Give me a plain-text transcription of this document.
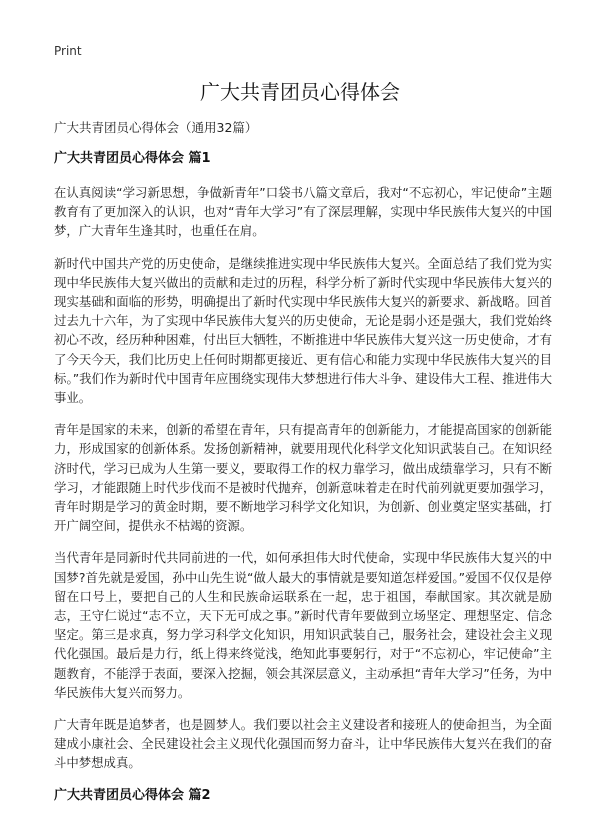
Print
广大共青团员心得体会
广大共青团员心得体会（通用32篇）
广大共青团员心得体会 篇1

在认真阅读“学习新思想，争做新青年”口袋书八篇文章后，我对“不忘初心，牢记使命”主题教育有了更加深入的认识，也对“青年大学习”有了深层理解，实现中华民族伟大复兴的中国梦，广大青年生逢其时，也重任在肩。

新时代中国共产党的历史使命，是继续推进实现中华民族伟大复兴。全面总结了我们党为实现中华民族伟大复兴做出的贡献和走过的历程，科学分析了新时代实现中华民族伟大复兴的现实基础和面临的形势，明确提出了新时代实现中华民族伟大复兴的新要求、新战略。回首过去九十六年，为了实现中华民族伟大复兴的历史使命，无论是弱小还是强大，我们党始终初心不改，经历种种困难，付出巨大牺牲，不断推进中华民族伟大复兴这一历史使命，才有了今天今天，我们比历史上任何时期都更接近、更有信心和能力实现中华民族伟大复兴的目标。”我们作为新时代中国青年应围绕实现伟大梦想进行伟大斗争、建设伟大工程、推进伟大事业。

青年是国家的未来，创新的希望在青年，只有提高青年的创新能力，才能提高国家的创新能力，形成国家的创新体系。发扬创新精神，就要用现代化科学文化知识武装自己。在知识经济时代，学习已成为人生第一要义，要取得工作的权力靠学习，做出成绩靠学习，只有不断学习，才能跟随上时代步伐而不是被时代抛弃，创新意味着走在时代前列就更要加强学习，青年时期是学习的黄金时期，要不断地学习科学文化知识，为创新、创业奠定坚实基础，打开广阔空间，提供永不枯竭的资源。

当代青年是同新时代共同前进的一代，如何承担伟大时代使命，实现中华民族伟大复兴的中国梦?首先就是爱国，孙中山先生说“做人最大的事情就是要知道怎样爱国。”爱国不仅仅是停留在口号上，要把自己的人生和民族命运联系在一起，忠于祖国，奉献国家。其次就是励志，王守仁说过“志不立，天下无可成之事。”新时代青年要做到立场坚定、理想坚定、信念坚定。第三是求真，努力学习科学文化知识，用知识武装自己，服务社会，建设社会主义现代化强国。最后是力行，纸上得来终觉浅，绝知此事要躬行，对于“不忘初心，牢记使命”主题教育，不能浮于表面，要深入挖掘，领会其深层意义，主动承担“青年大学习”任务，为中华民族伟大复兴而努力。

广大青年既是追梦者，也是圆梦人。我们要以社会主义建设者和接班人的使命担当，为全面建成小康社会、全民建设社会主义现代化强国而努力奋斗，让中华民族伟大复兴在我们的奋斗中梦想成真。

广大共青团员心得体会 篇2
